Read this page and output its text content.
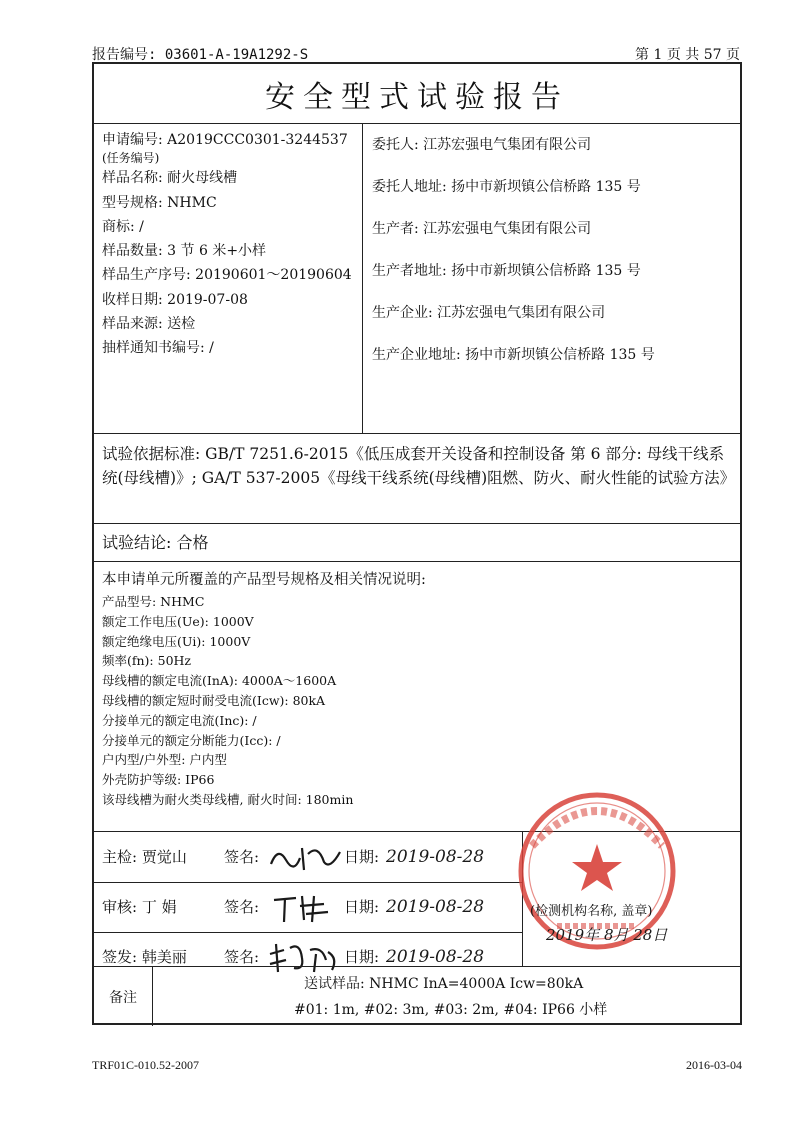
报告编号: 03601-A-19A1292-S	第 1 页 共 57 页
安全型式试验报告
申请编号: A2019CCC0301-3244537
(任务编号)
样品名称: 耐火母线槽
型号规格: NHMC
商标: /
样品数量: 3 节 6 米+小样
样品生产序号: 20190601～20190604
收样日期: 2019-07-08
样品来源: 送检
抽样通知书编号: /
委托人: 江苏宏强电气集团有限公司
委托人地址: 扬中市新坝镇公信桥路 135 号
生产者: 江苏宏强电气集团有限公司
生产者地址: 扬中市新坝镇公信桥路 135 号
生产企业: 江苏宏强电气集团有限公司
生产企业地址: 扬中市新坝镇公信桥路 135 号
试验依据标准: GB/T 7251.6-2015《低压成套开关设备和控制设备 第 6 部分: 母线干线系统(母线槽)》; GA/T 537-2005《母线干线系统(母线槽)阻燃、防火、耐火性能的试验方法》
试验结论: 合格
本申请单元所覆盖的产品型号规格及相关情况说明:
产品型号: NHMC
额定工作电压(Ue): 1000V
额定绝缘电压(Ui): 1000V
频率(fn): 50Hz
母线槽的额定电流(InA): 4000A～1600A
母线槽的额定短时耐受电流(Icw): 80kA
分接单元的额定电流(Inc): /
分接单元的额定分断能力(Icc): /
户内型/户外型: 户内型
外壳防护等级: IP66
该母线槽为耐火类母线槽, 耐火时间: 180min
主检: 贾觉山 签名:	日期: 2019-08-28
审核: 丁 娟	签名:	日期: 2019-08-28
签发: 韩美丽 签名:	日期: 2019-08-28
(检测机构名称, 盖章)
2019年 8月 28日
备注
送试样品: NHMC InA=4000A Icw=80kA
#01: 1m, #02: 3m, #03: 2m, #04: IP66 小样
TRF01C-010.52-2007	2016-03-04
